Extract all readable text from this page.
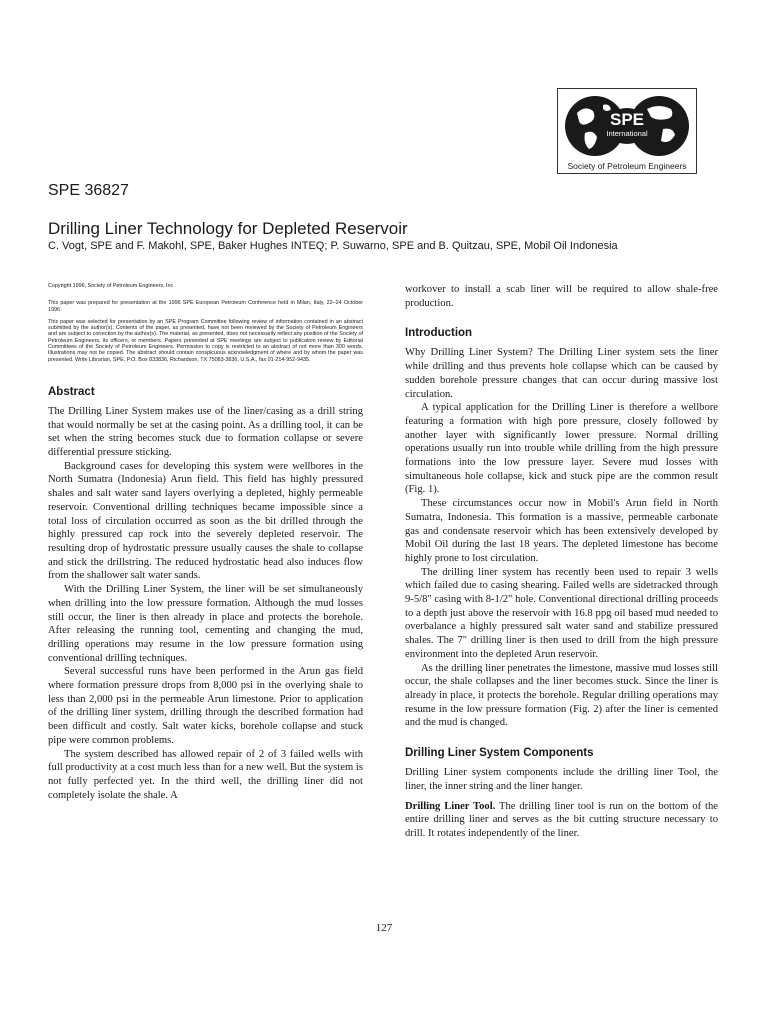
SPE
International
Society of Petroleum Engineers
SPE 36827
Drilling Liner Technology for Depleted Reservoir
C. Vogt, SPE and F. Makohl, SPE, Baker Hughes INTEQ; P. Suwarno, SPE and B. Quitzau, SPE, Mobil Oil Indonesia

Copyright 1996, Society of Petroleum Engineers, Inc

This paper was prepared for presentation at the 1996 SPE European Petroleum Conference held in Milan, Italy, 22–24 October 1996

This paper was selected for presentation by an SPE Program Committee following review of information contained in an abstract submitted by the author(s). Contents of the paper, as presented, have not been reviewed by the Society of Petroleum Engineers and are subject to correction by the author(s). The material, as presented, does not necessarily reflect any position of the Society of Petroleum Engineers, its officers, or members. Papers presented at SPE meetings are subject to publication review by Editorial Committees of the Society of Petroleum Engineers. Permission to copy is restricted to an abstract of not more than 300 words. Illustrations may not be copied. The abstract should contain conspicuous acknowledgment of where and by whom the paper was presented. Write Librarian, SPE, P.O. Box 833836, Richardson, TX 75083-3836, U.S.A., fax 01-214-952-9435.

Abstract

The Drilling Liner System makes use of the liner/casing as a drill string that would normally be set at the casing point. As a drilling tool, it can be set when the string becomes stuck due to formation collapse or severe differential pressure sticking.

Background cases for developing this system were wellbores in the North Sumatra (Indonesia) Arun field. This field has highly pressured shales and salt water sand layers overlying a depleted, highly permeable reservoir. Conventional drilling techniques became impossible since a total loss of circulation occurred as soon as the bit drilled through the highly pressured cap rock into the severely depleted reservoir. The resulting drop of hydrostatic pressure usually causes the shale to collapse and stick the drillstring. The reduced hydrostatic head also induces flow from the shallower salt water sands.

With the Drilling Liner System, the liner will be set simultaneously when drilling into the low pressure formation. Although the mud losses still occur, the liner is then already in place and protects the borehole. After releasing the running tool, cementing and changing the mud, drilling operations may resume in the low pressure formation using conventional drilling techniques.

Several successful runs have been performed in the Arun gas field where formation pressure drops from 8,000 psi in the overlying shale to less than 2,000 psi in the permeable Arun limestone. Prior to application of the drilling liner system, drilling through the described formation had been difficult and costly. Salt water kicks, borehole collapse and stuck pipe were common problems.

The system described has allowed repair of 2 of 3 failed wells with full productivity at a cost much less than for a new well. But the system is not fully perfected yet. In the third well, the drilling liner did not completely isolate the shale. A

workover to install a scab liner will be required to allow shale-free production.

Introduction

Why Drilling Liner System? The Drilling Liner system sets the liner while drilling and thus prevents hole collapse which can be caused by sudden borehole pressure changes that can occur during massive lost circulation.

A typical application for the Drilling Liner is therefore a wellbore featuring a formation with high pore pressure, closely followed by another layer with significantly lower pressure. Normal drilling operations usually run into trouble while drilling from the high pressure formations into the low pressure layer. Severe mud losses with simultaneous hole collapse, kick and stuck pipe are the common result (Fig. 1).

These circumstances occur now in Mobil's Arun field in North Sumatra, Indonesia. This formation is a massive, permeable carbonate gas and condensate reservoir which has been extensively developed by Mobil Oil during the last 18 years. The depleted limestone has become highly prone to lost circulation.

The drilling liner system has recently been used to repair 3 wells which failed due to casing shearing. Failed wells are sidetracked through 9-5/8" casing with 8-1/2" hole. Conventional directional drilling proceeds to a depth just above the reservoir with 16.8 ppg oil based mud needed to overbalance a highly pressured salt water sand and stabilize pressured shales. The 7" drilling liner is then used to drill from the high pressure environment into the depleted Arun reservoir.

As the drilling liner penetrates the limestone, massive mud losses still occur, the shale collapses and the liner becomes stuck. Since the liner is already in place, it protects the borehole. Regular drilling operations may resume in the low pressure formation (Fig. 2) after the liner is cemented and the mud is changed.

Drilling Liner System Components

Drilling Liner system components include the drilling liner Tool, the liner, the inner string and the liner hanger.

Drilling Liner Tool. The drilling liner tool is run on the bottom of the entire drilling liner and serves as the bit cutting structure necessary to drill. It rotates independently of the liner.

127
